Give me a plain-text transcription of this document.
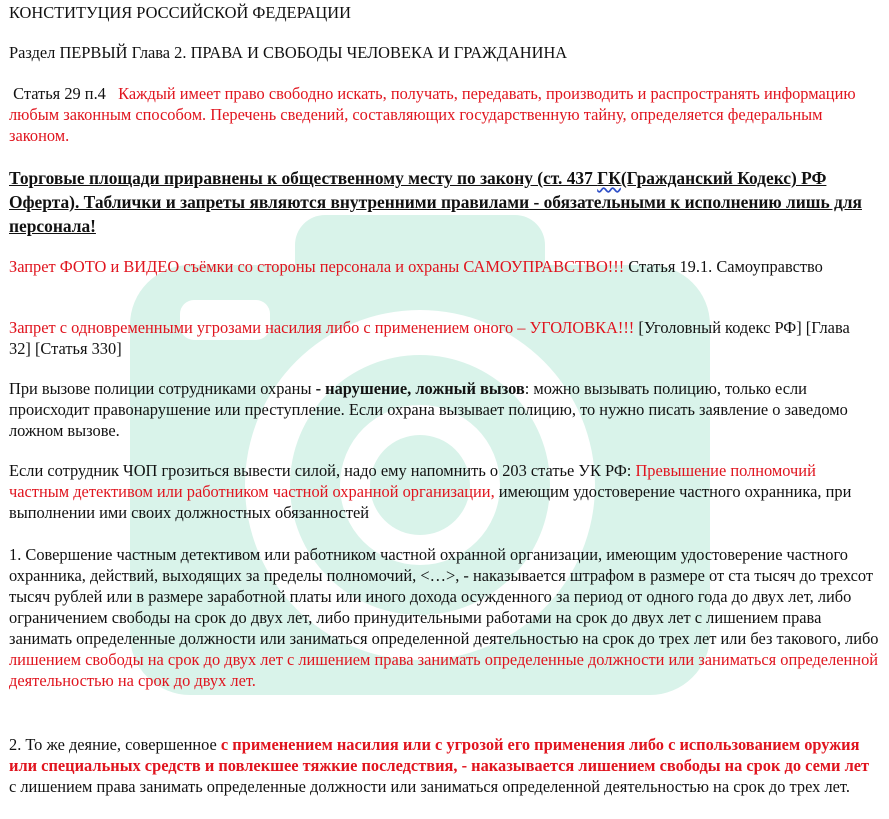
КОНСТИТУЦИЯ РОССИЙСКОЙ ФЕДЕРАЦИИ

Раздел ПЕРВЫЙ Глава 2. ПРАВА И СВОБОДЫ ЧЕЛОВЕКА И ГРАЖДАНИНА

Статья 29 п.4 Каждый имеет право свободно искать, получать, передавать, производить и распространять информацию любым законным способом. Перечень сведений, составляющих государственную тайну, определяется федеральным законом.

Торговые площади приравнены к общественному месту по закону (ст. 437 ГК(Гражданский Кодекс) РФ Оферта). Таблички и запреты являются внутренними правилами - обязательными к исполнению лишь для персонала!

Запрет ФОТО и ВИДЕО съёмки со стороны персонала и охраны САМОУПРАВСТВО!!! Статья 19.1. Самоуправство

Запрет с одновременными угрозами насилия либо с применением оного – УГОЛОВКА!!! [Уголовный кодекс РФ] [Глава 32] [Статья 330]

При вызове полиции сотрудниками охраны - нарушение, ложный вызов: можно вызывать полицию, только если происходит правонарушение или преступление. Если охрана вызывает полицию, то нужно писать заявление о заведомо ложном вызове.

Если сотрудник ЧОП грозиться вывести силой, надо ему напомнить о 203 статье УК РФ: Превышение полномочий частным детективом или работником частной охранной организации, имеющим удостоверение частного охранника, при выполнении ими своих должностных обязанностей

1. Совершение частным детективом или работником частной охранной организации, имеющим удостоверение частного охранника, действий, выходящих за пределы полномочий, <…>, - наказывается штрафом в размере от ста тысяч до трехсот тысяч рублей или в размере заработной платы или иного дохода осужденного за период от одного года до двух лет, либо ограничением свободы на срок до двух лет, либо принудительными работами на срок до двух лет с лишением права занимать определенные должности или заниматься определенной деятельностью на срок до трех лет или без такового, либо лишением свободы на срок до двух лет с лишением права занимать определенные должности или заниматься определенной деятельностью на срок до двух лет.

2. То же деяние, совершенное с применением насилия или с угрозой его применения либо с использованием оружия или специальных средств и повлекшее тяжкие последствия, - наказывается лишением свободы на срок до семи лет с лишением права занимать определенные должности или заниматься определенной деятельностью на срок до трех лет.
